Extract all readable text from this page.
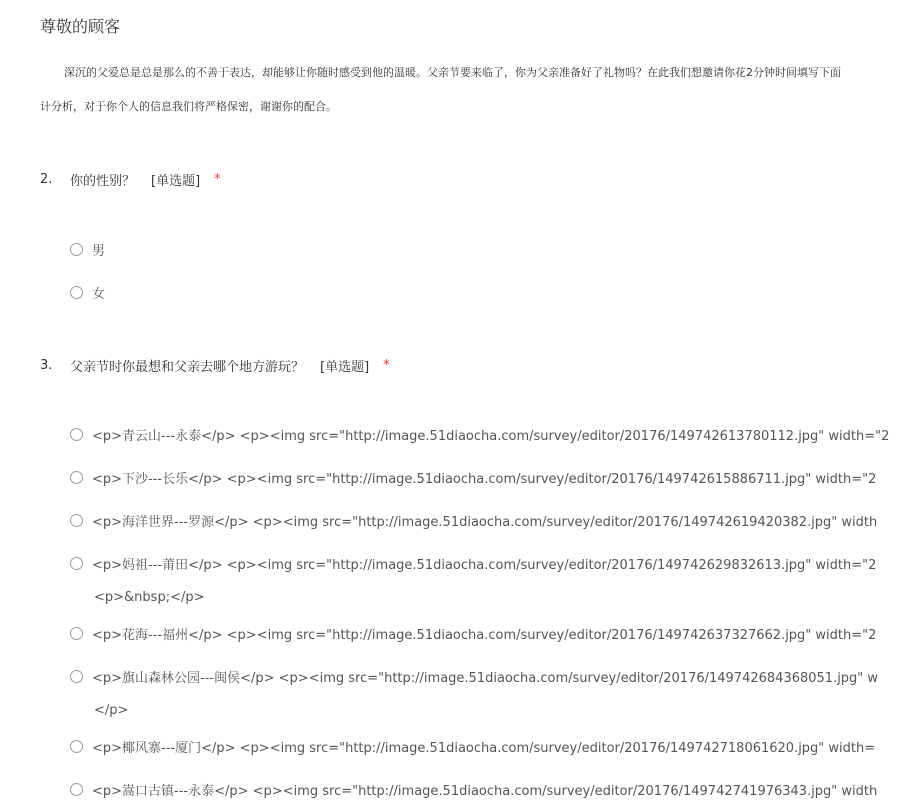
尊敬的顾客
深沉的父爱总是总是那么的不善于表达，却能够让你随时感受到他的温暖。父亲节要来临了，你为父亲准备好了礼物吗？在此我们想邀请你花2分钟时间填写下面
计分析，对于你个人的信息我们将严格保密，谢谢你的配合。
2.	你的性别？ [单选题] *
男
女
3.	父亲节时你最想和父亲去哪个地方游玩？ [单选题] *
<p>青云山---永泰</p> <p><img src="http://image.51diaocha.com/survey/editor/20176/149742613780112.jpg" width="2
<p>下沙---长乐</p> <p><img src="http://image.51diaocha.com/survey/editor/20176/149742615886711.jpg" width="2
<p>海洋世界---罗源</p> <p><img src="http://image.51diaocha.com/survey/editor/20176/149742619420382.jpg" width
<p>妈祖---莆田</p> <p><img src="http://image.51diaocha.com/survey/editor/20176/149742629832613.jpg" width="2
<p>&nbsp;</p>
<p>花海---福州</p> <p><img src="http://image.51diaocha.com/survey/editor/20176/149742637327662.jpg" width="2
<p>旗山森林公园---闽侯</p> <p><img src="http://image.51diaocha.com/survey/editor/20176/149742684368051.jpg" w
</p>
<p>椰风寨---厦门</p> <p><img src="http://image.51diaocha.com/survey/editor/20176/149742718061620.jpg" width=
<p>嵩口古镇---永泰</p> <p><img src="http://image.51diaocha.com/survey/editor/20176/149742741976343.jpg" width
